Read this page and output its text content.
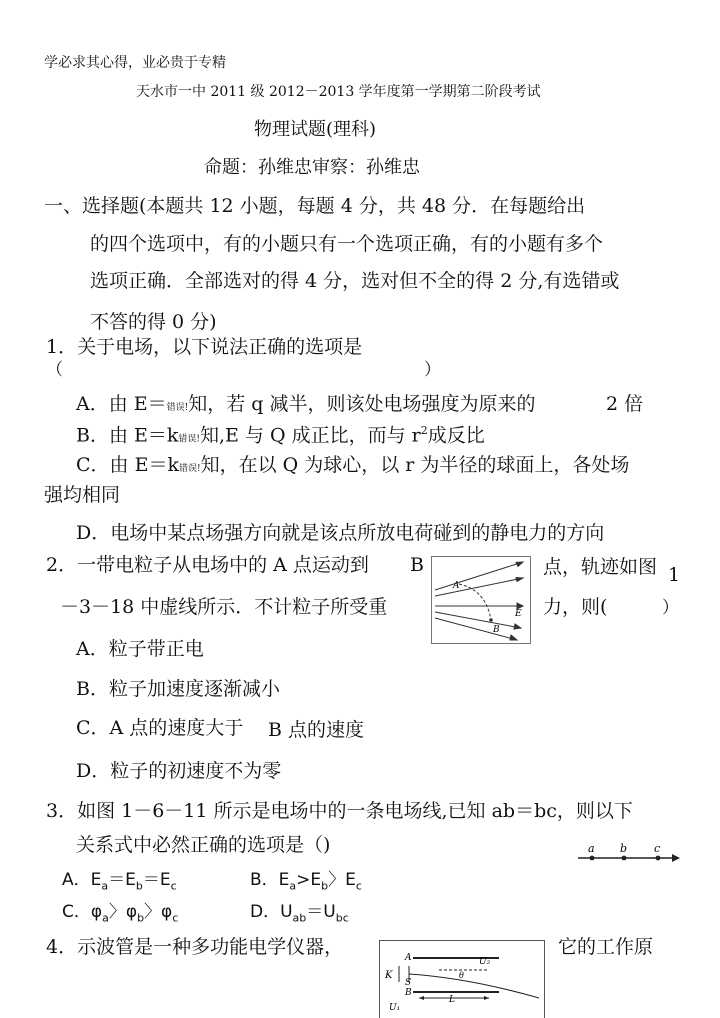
学必求其心得，业必贵于专精
天水市一中 2011 级 2012－2013 学年度第一学期第二阶段考试
物理试题(理科)
命题：孙维忠审察：孙维忠
一、选择题(本题共 12 小题，每题 4 分，共 48 分．在每题给出
的四个选项中，有的小题只有一个选项正确，有的小题有多个
选项正确．全部选对的得 4 分，选对但不全的得 2 分,有选错或
不答的得 0 分)
1．关于电场，以下说法正确的选项是
（	）
A．由 E＝错误!知，若 q 减半，则该处电场强度为原来的	2 倍
B．由 E＝k错误!知,E 与 Q 成正比，而与 $r^2$成反比
C．由 E＝k错误!知，在以 Q 为球心，以 r 为半径的球面上，各处场
强均相同
D．电场中某点场强方向就是该点所放电荷碰到的静电力的方向
2．一带电粒子从电场中的 A 点运动到 B	点，轨迹如图 1
A
B
E
－3－18 中虚线所示．不计粒子所受重	力，则(	）
A．粒子带正电
B．粒子加速度逐渐减小
C．A 点的速度大于 B 点的速度
D．粒子的初速度不为零
3．如图 1－6－11 所示是电场中的一条电场线,已知 ab＝bc，则以下
关系式中必然正确的选项是（)	a b c
A．$E_a=E_b=E_c$	B．$E_a>E_b$〉$E_c$
C．$\varphi_a$〉$\varphi_b$〉$\varphi_c$	D．$U_{ab}=U_{bc}$
4．示波管是一种多功能电学仪器，	它的工作原
K
A
S
B
U₁
U₂
L
θ
